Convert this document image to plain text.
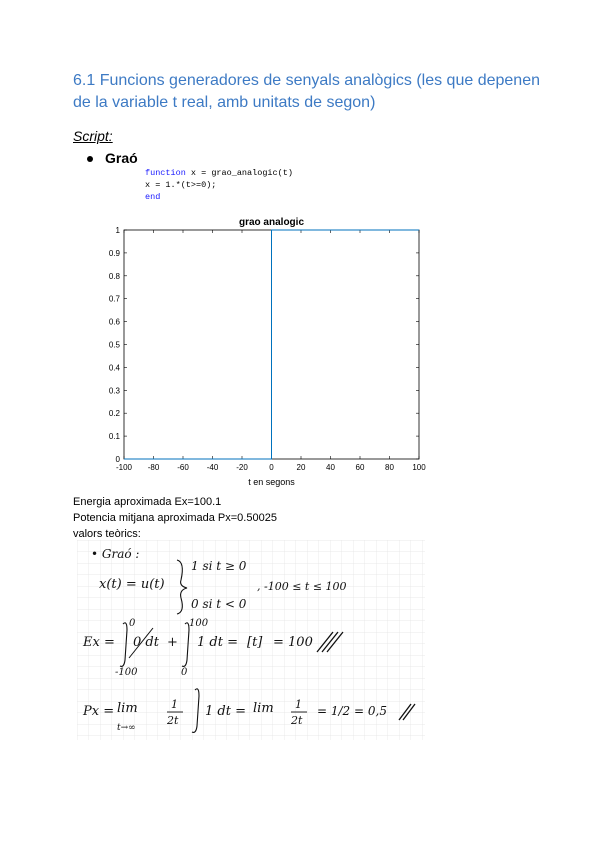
6.1 Funcions generadores de senyals analògics (les que depenen
de la variable t real, amb unitats de segon)
Script:
Graó
function x = grao_analogic(t)
x = 1.*(t>=0);
end
grao analogic
t en segons
-100 -80 -60 -40 -20	0	20	40	60	80 100
0
0.1
0.2
0.3
0.4
0.5
0.6
0.7
0.8
0.9
1
Energia aproximada Ex=100.1
Potencia mitjana aproximada Px=0.50025
valors teòrics:
• Graó :
x(t) = u(t)
1 si t ≥ 0
0 si t < 0
, -100 ≤ t ≤ 100
Ex =
-100
0
0 dt +
0
100
1 dt = [t] = 100
Px = lim
t→∞
1
2t
1 dt = lim 1
2t
= 1/2 = 0,5
